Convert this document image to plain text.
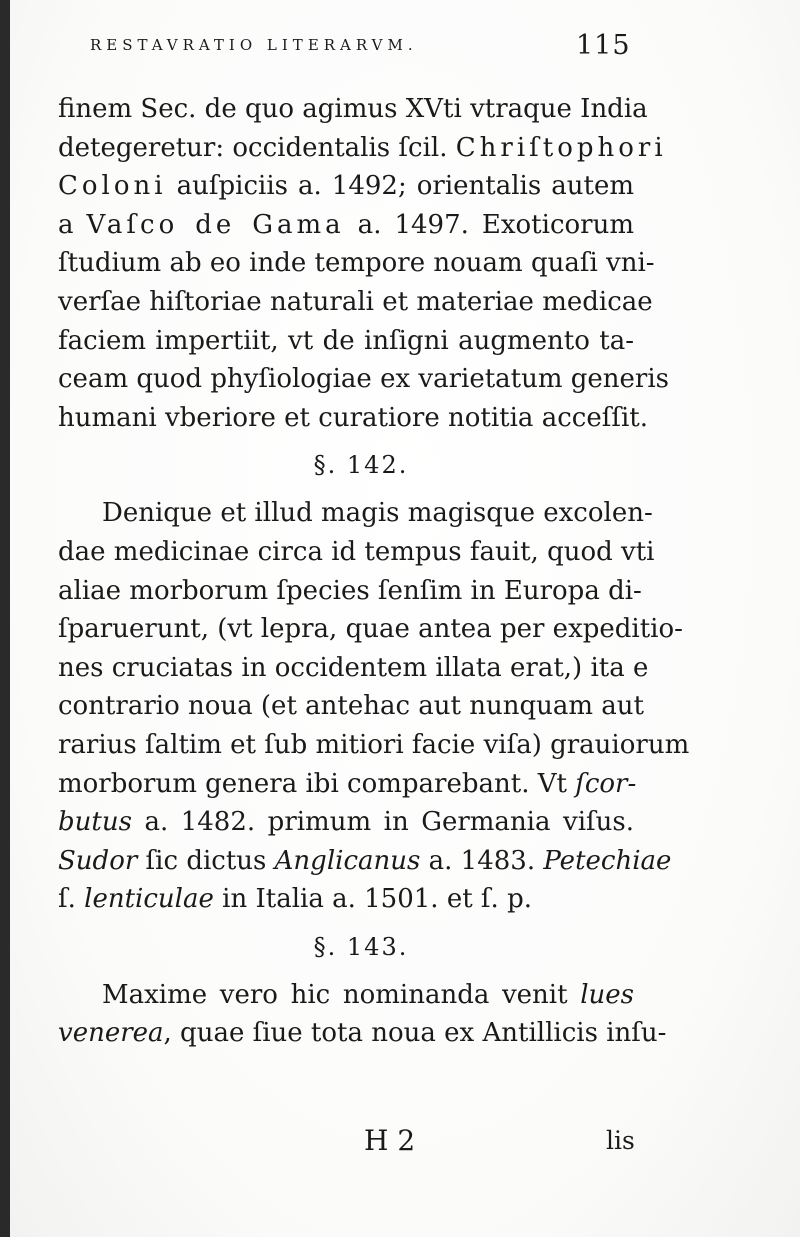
RESTAVRATIO LITERARVM.	115
finem Sec. de quo agimus XVti vtraque India
detegeretur: occidentalis ſcil. Chriſtophori
Coloni auſpiciis a. 1492; orientalis autem
a Vaſco de Gama a. 1497. Exoticorum
ſtudium ab eo inde tempore nouam quaſi vni-
verſae hiſtoriae naturali et materiae medicae
faciem impertiit, vt de inſigni augmento ta-
ceam quod phyſiologiae ex varietatum generis
humani vberiore et curatiore notitia acceſſit.
§. 142.
Denique et illud magis magisque excolen-
dae medicinae circa id tempus fauit, quod vti
aliae morborum ſpecies ſenſim in Europa di-
ſparuerunt, (vt lepra, quae antea per expeditio-
nes cruciatas in occidentem illata erat,) ita e
contrario noua (et antehac aut nunquam aut
rarius ſaltim et ſub mitiori facie viſa) grauiorum
morborum genera ibi comparebant. Vt ſcor-
butus a. 1482. primum in Germania viſus.
Sudor ſic dictus Anglicanus a. 1483. Petechiae
ſ. lenticulae in Italia a. 1501. et ſ. p.
§. 143.
Maxime vero hic nominanda venit lues
venerea, quae ſiue tota noua ex Antillicis inſu-
H 2	lis
